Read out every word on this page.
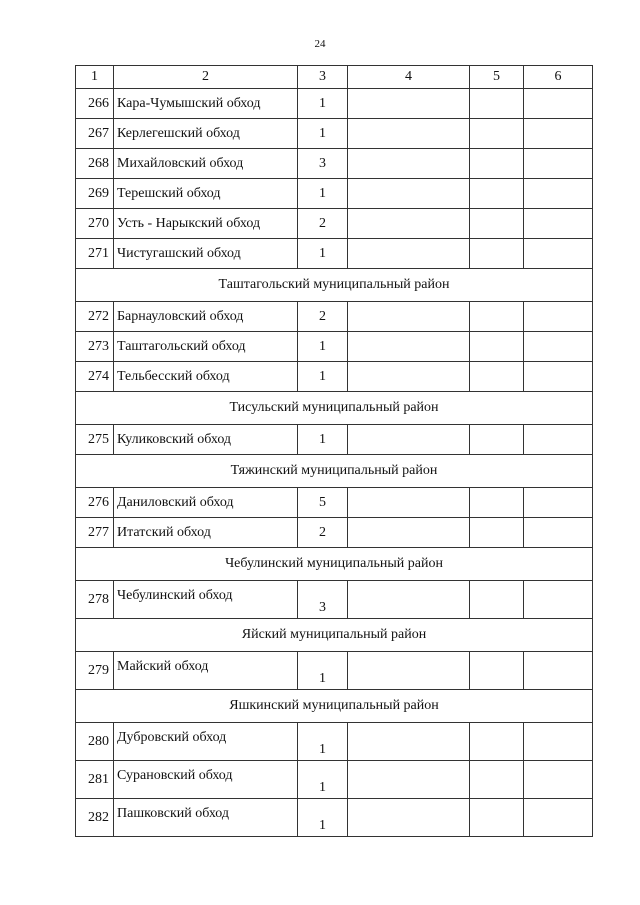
24
1	2	3	4	5	6
266	Кара-Чумышский обход	1			
267	Керлегешский обход	1			
268	Михайловский обход	3			
269	Терешский обход	1			
270	Усть - Нарыкский обход	2			
271	Чистугашский обход	1			
Таштагольский муниципальный район					
272	Барнауловский обход	2			
273	Таштагольский обход	1			
274	Тельбесский обход	1			
Тисульский муниципальный район					
275	Куликовский обход	1			
Тяжинский муниципальный район					
276	Даниловский обход	5			
277	Итатский обход	2			
Чебулинский муниципальный район					
278	Чебулинский обход	3			
Яйский муниципальный район					
279	Майский обход	1			
Яшкинский муниципальный район					
280	Дубровский обход	1			
281	Сурановский обход	1			
282	Пашковский обход	1			
